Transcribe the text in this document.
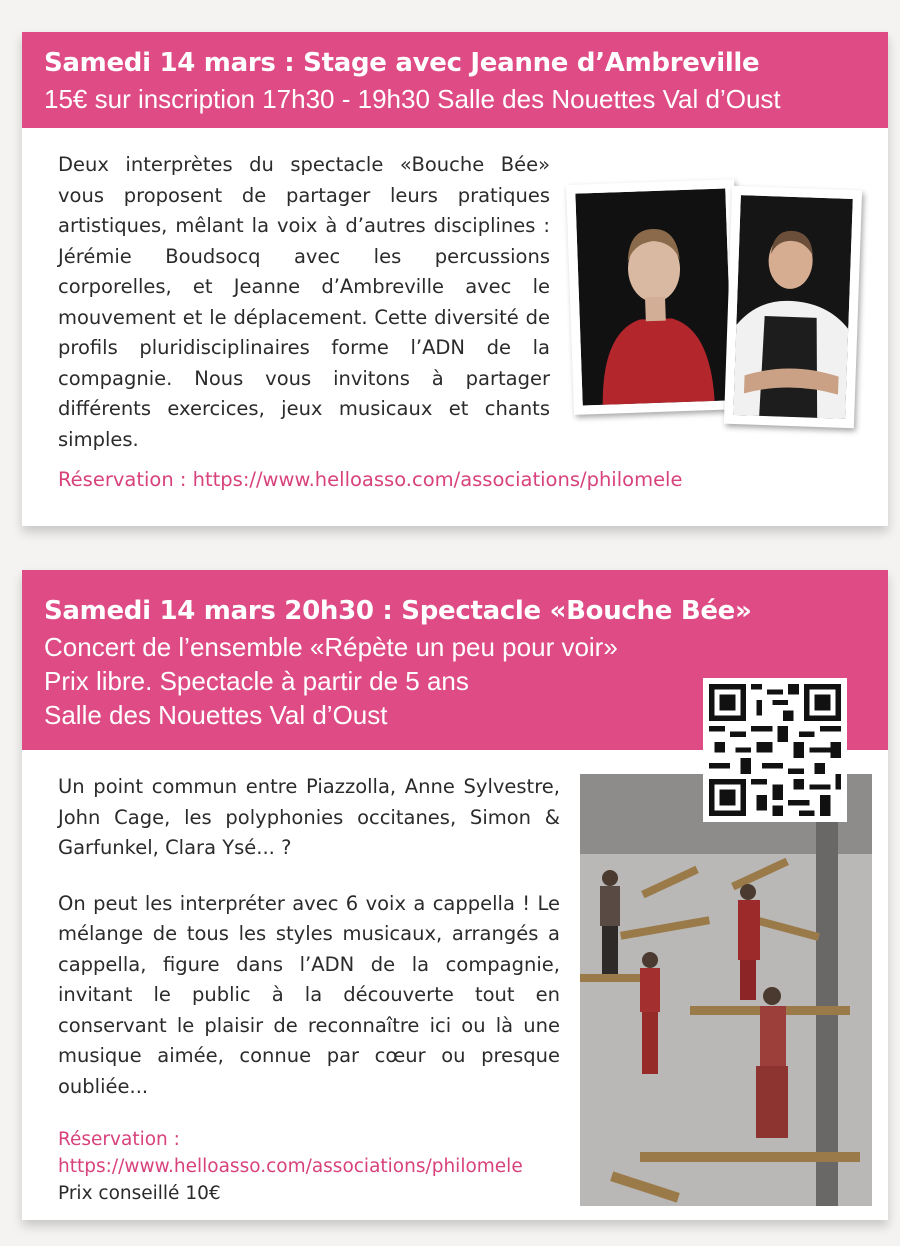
Samedi 14 mars : Stage avec Jeanne d’Ambreville
15€ sur inscription 17h30 - 19h30 Salle des Nouettes Val d’Oust
Deux interprètes du spectacle «Bouche Bée» vous proposent de partager leurs pratiques artistiques, mêlant la voix à d’autres disciplines : Jérémie Boudsocq avec les percussions corporelles, et Jeanne d’Ambreville avec le mouvement et le déplacement. Cette diversité de profils pluridisciplinaires forme l’ADN de la compagnie. Nous vous invitons à partager différents exercices, jeux musicaux et chants simples.
Réservation : https://www.helloasso.com/associations/philomele
Samedi 14 mars 20h30 : Spectacle «Bouche Bée»
Concert de l’ensemble «Répète un peu pour voir»
Prix libre. Spectacle à partir de 5 ans
Salle des Nouettes Val d’Oust

Un point commun entre Piazzolla, Anne Sylvestre, John Cage, les polyphonies occitanes, Simon & Garfunkel, Clara Ysé... ?

On peut les interpréter avec 6 voix a cappella ! Le mélange de tous les styles musicaux, arrangés a cappella, figure dans l’ADN de la compagnie, invitant le public à la découverte tout en conservant le plaisir de reconnaître ici ou là une musique aimée, connue par cœur ou presque oubliée...

Réservation :
https://www.helloasso.com/associations/philomele
Prix conseillé 10€
